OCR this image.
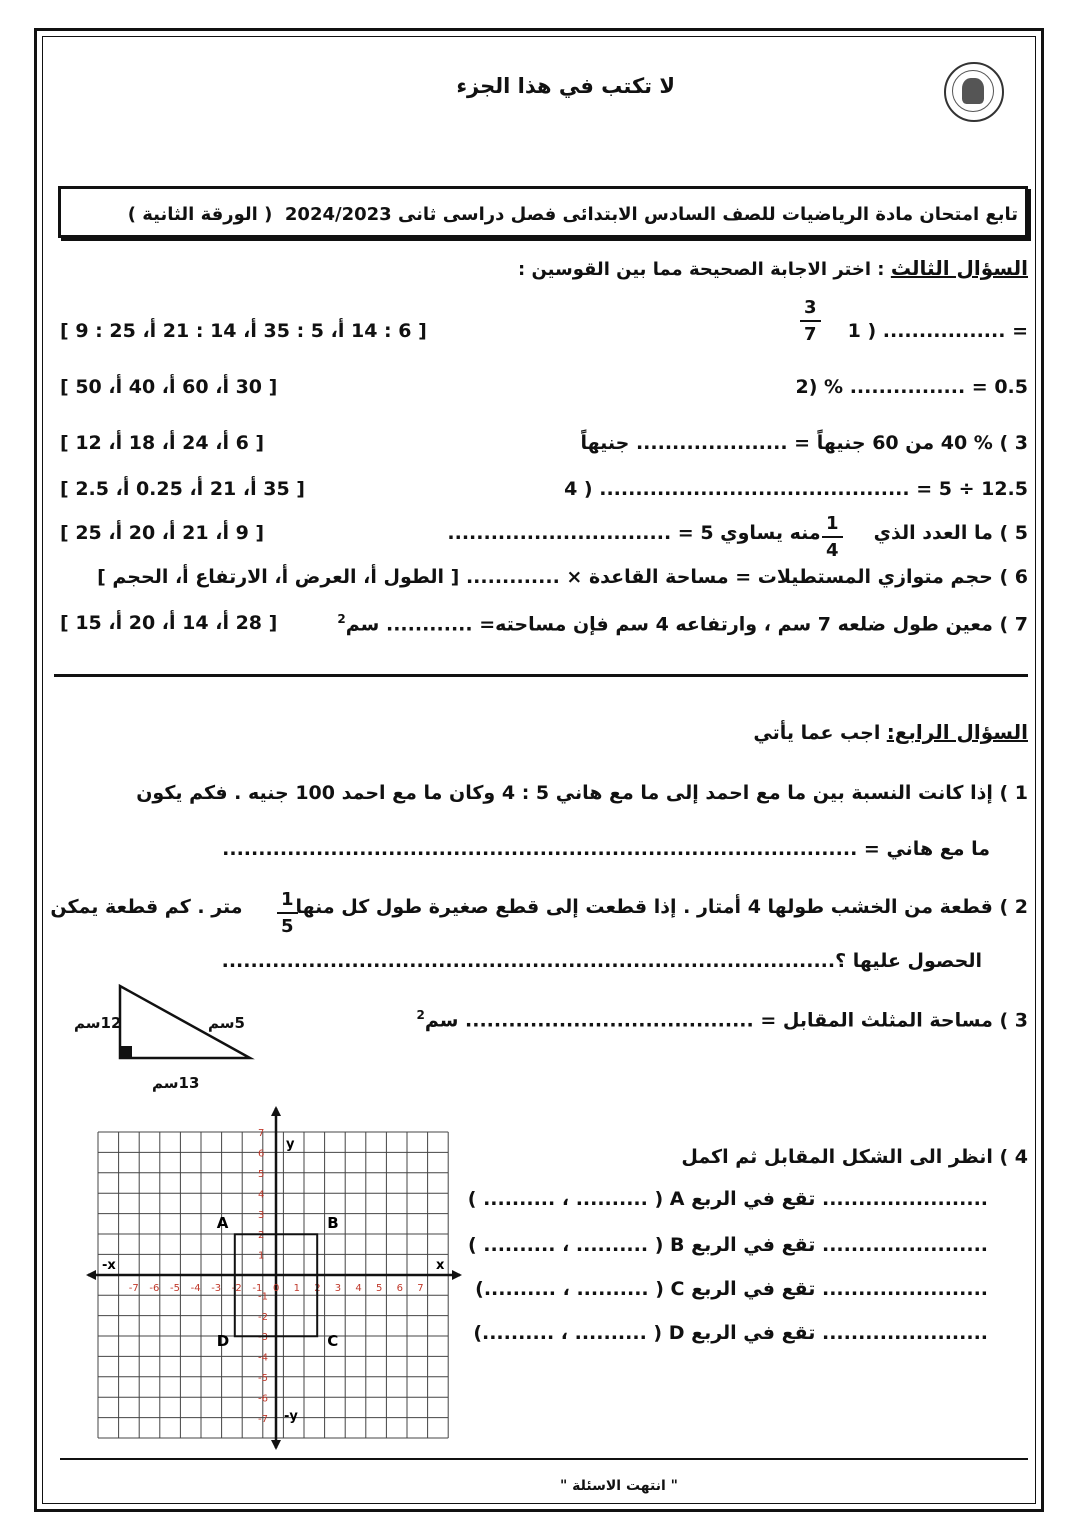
لا تكتب في هذا الجزء
تابع امتحان مادة الرياضيات للصف السادس الابتدائى فصل دراسى ثانى 2024/2023  ( الورقة الثانية )
السؤال الثالث : اختر الاجابة الصحيحة مما بين القوسين :
1 ) ................. =
$\frac{3}{7}$
[ 6 : 14 أ، 5 : 35 أ، 14 : 21 أ، 25 : 9 ]
2) % ................ = 0.5
[ 30 أ، 60 أ، 40 أ، 50 ]
3 ) % 40 من 60 جنيهاً = ..................... جنيهاً
[ 6 أ، 24 أ، 18 أ، 12 ]
4 ) ........................................... = 5 ÷ 12.5
[ 35 أ، 21 أ، 0.25 أ، 2.5 ]
5 ) ما العدد الذي        منه يساوي 5 = ............................... $\frac{1}{4}$
[ 9 أ، 21 أ، 20 أ، 25 ]
6 ) حجم متوازي المستطيلات = مساحة القاعدة × ............. [ الطول أ، العرض أ، الارتفاع أ، الحجم ]
7 ) معين طول ضلعه 7 سم ، وارتفاعه 4 سم فإن مساحته= ............ سم$^2$
[ 28 أ، 14 أ، 20 أ، 15 ]
السؤال الرابع: اجب عما يأتي
1 ) إذا كانت النسبة بين ما مع احمد إلى ما مع هاني 5 : 4 وكان ما مع احمد 100 جنيه . فكم يكون
ما مع هاني = ........................................................................................
2 ) قطعة من الخشب طولها 4 أمتار . إذا قطعت إلى قطع صغيرة طول كل منها        متر . كم قطعة يمكن	$\frac{1}{5}$
الحصول عليها ؟.....................................................................................
3 ) مساحة المثلث المقابل = ........................................ سم$^2$
12سم	5سم
13سم
4 ) انظر الى الشكل المقابل ثم اكمل
( .......... ، .......... ) A تقع في الربع .......................
( .......... ، .......... ) B تقع في الربع .......................
(.......... ، .......... ) C تقع في الربع .......................
(.......... ، .......... ) D تقع في الربع .......................
-7 -6 -5 -4 -3 -2 -1 0 1 2 3 4 5 6 7
7
6
5
4
3
2
1
-1
-2
-3
-4
-5
-6
-7
x
-x
y
-y
A	B
C
D
" انتهت الاسئلة "
